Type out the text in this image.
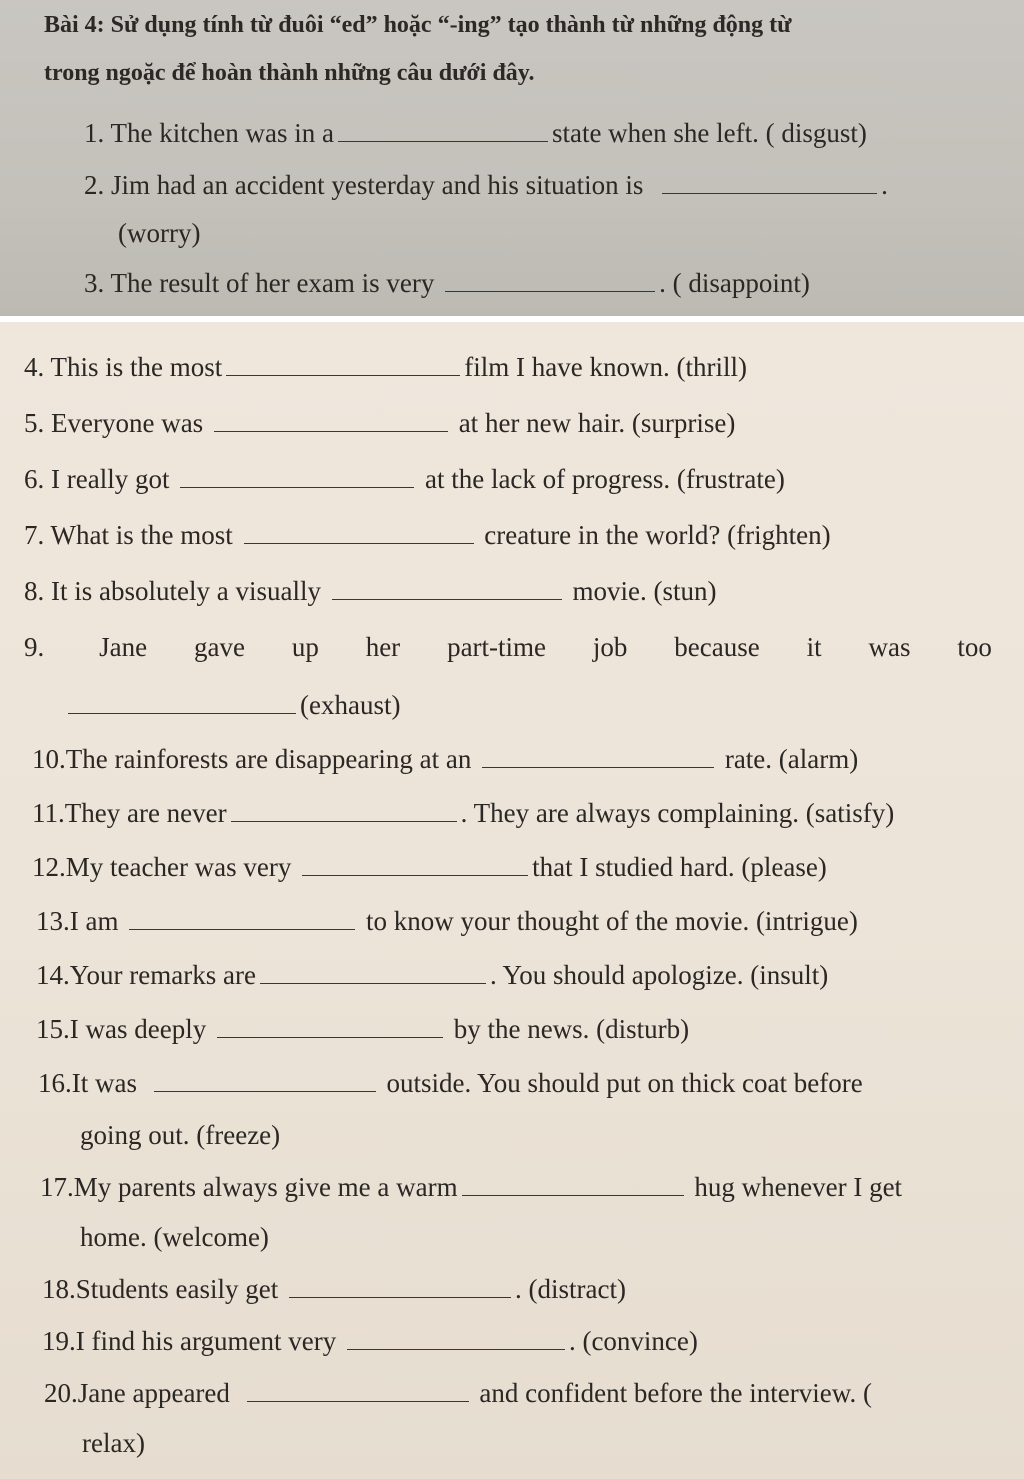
Bài 4: Sử dụng tính từ đuôi “ed” hoặc “-ing” tạo thành từ những động từ
trong ngoặc để hoàn thành những câu dưới đây.
1. The kitchen was in a	state when she left. ( disgust)
2. Jim had an accident yesterday and his situation is	.
(worry)
3. The result of her exam is very	. ( disappoint)
4. This is the most	film I have known. (thrill)
5. Everyone was	at her new hair. (surprise)
6. I really got	at the lack of progress. (frustrate)
7. What is the most	creature in the world? (frighten)
8. It is absolutely a visually	movie. (stun)
9. Jane gave up her part-time job because it was too
(exhaust)
10.The rainforests are disappearing at an	rate. (alarm)
11.They are never	. They are always complaining. (satisfy)
12.My teacher was very	that I studied hard. (please)
13.I am	to know your thought of the movie. (intrigue)
14.Your remarks are	. You should apologize. (insult)
15.I was deeply	by the news. (disturb)
16.It was	outside. You should put on thick coat before
going out. (freeze)
17.My parents always give me a warm	hug whenever I get
home. (welcome)
18.Students easily get	. (distract)
19.I find his argument very	. (convince)
20.Jane appeared	and confident before the interview. (
relax)
